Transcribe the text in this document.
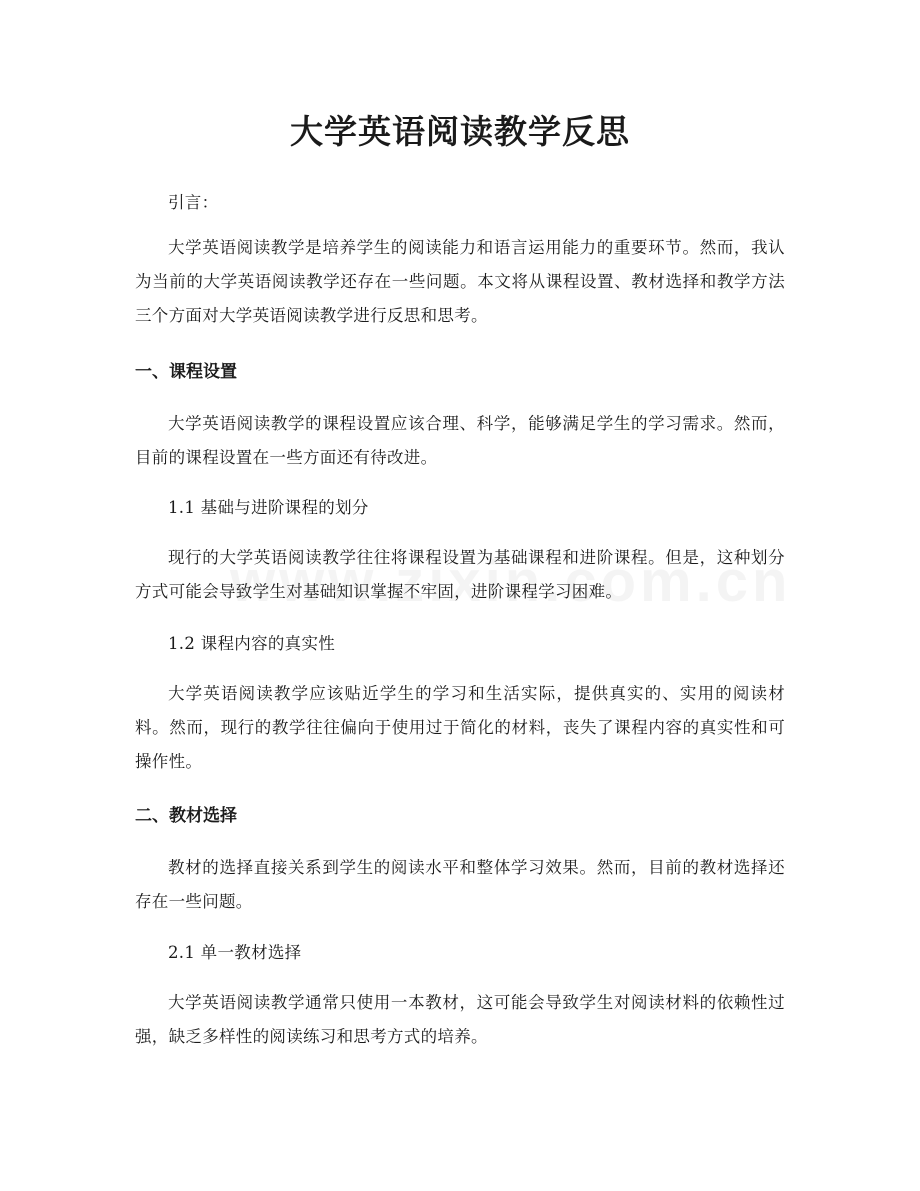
大学英语阅读教学反思

引言：

大学英语阅读教学是培养学生的阅读能力和语言运用能力的重要环节。然而，我认为当前的大学英语阅读教学还存在一些问题。本文将从课程设置、教材选择和教学方法三个方面对大学英语阅读教学进行反思和思考。

一、课程设置

大学英语阅读教学的课程设置应该合理、科学，能够满足学生的学习需求。然而，目前的课程设置在一些方面还有待改进。

1.1 基础与进阶课程的划分

现行的大学英语阅读教学往往将课程设置为基础课程和进阶课程。但是，这种划分方式可能会导致学生对基础知识掌握不牢固，进阶课程学习困难。

1.2 课程内容的真实性

大学英语阅读教学应该贴近学生的学习和生活实际，提供真实的、实用的阅读材料。然而，现行的教学往往偏向于使用过于简化的材料，丧失了课程内容的真实性和可操作性。

二、教材选择

教材的选择直接关系到学生的阅读水平和整体学习效果。然而，目前的教材选择还存在一些问题。

2.1 单一教材选择

大学英语阅读教学通常只使用一本教材，这可能会导致学生对阅读材料的依赖性过强，缺乏多样性的阅读练习和思考方式的培养。
